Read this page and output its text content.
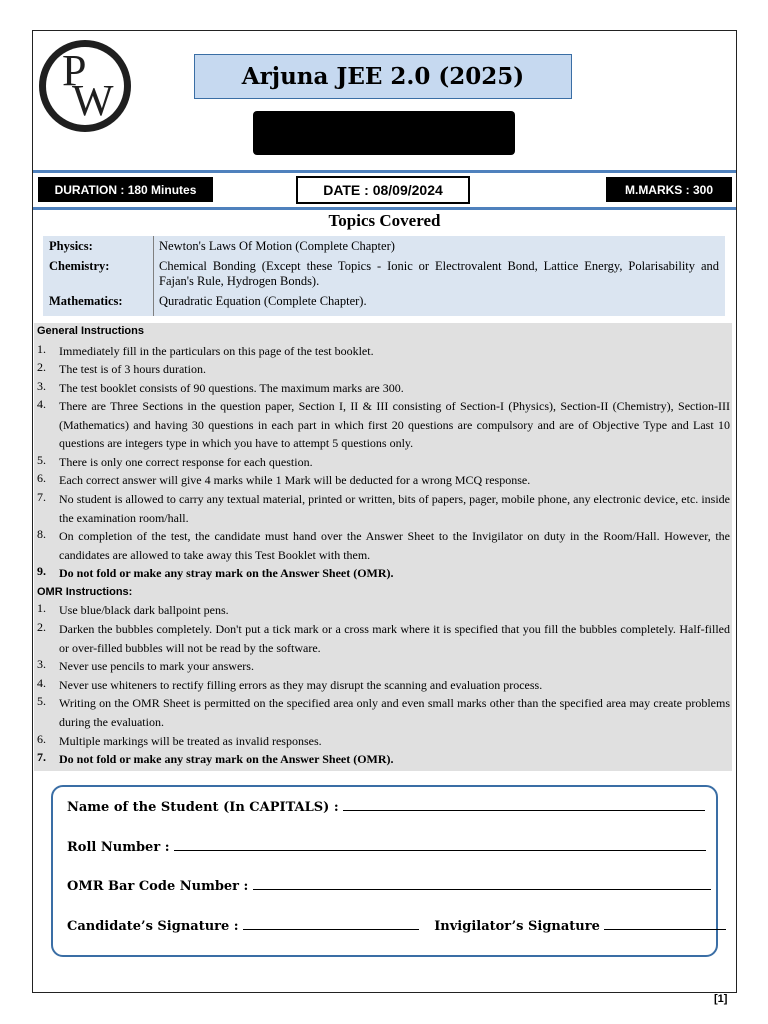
P
W	Arjuna JEE 2.0 (2025)
DURATION : 180 Minutes	DATE : 08/09/2024	M.MARKS : 300
Topics Covered
Physics:	Newton's Laws Of Motion (Complete Chapter)
Chemistry:	Chemical Bonding (Except these Topics - Ionic or Electrovalent Bond, Lattice Energy, Polarisability and Fajan's Rule, Hydrogen Bonds).
Mathematics:	Quradratic Equation (Complete Chapter).
General Instructions
1. Immediately fill in the particulars on this page of the test booklet.
2. The test is of 3 hours duration.
3. The test booklet consists of 90 questions. The maximum marks are 300.
4. There are Three Sections in the question paper, Section I, II & III consisting of Section-I (Physics), Section-II (Chemistry), Section-III (Mathematics) and having 30 questions in each part in which first 20 questions are compulsory and are of Objective Type and Last 10 questions are integers type in which you have to attempt 5 questions only.
5. There is only one correct response for each question.
6. Each correct answer will give 4 marks while 1 Mark will be deducted for a wrong MCQ response.
7. No student is allowed to carry any textual material, printed or written, bits of papers, pager, mobile phone, any electronic device, etc. inside the examination room/hall.
8. On completion of the test, the candidate must hand over the Answer Sheet to the Invigilator on duty in the Room/Hall. However, the candidates are allowed to take away this Test Booklet with them.
9. Do not fold or make any stray mark on the Answer Sheet (OMR).
OMR Instructions:
1. Use blue/black dark ballpoint pens.
2. Darken the bubbles completely. Don't put a tick mark or a cross mark where it is specified that you fill the bubbles completely. Half-filled or over-filled bubbles will not be read by the software.
3. Never use pencils to mark your answers.
4. Never use whiteners to rectify filling errors as they may disrupt the scanning and evaluation process.
5. Writing on the OMR Sheet is permitted on the specified area only and even small marks other than the specified area may create problems during the evaluation.
6. Multiple markings will be treated as invalid responses.
7. Do not fold or make any stray mark on the Answer Sheet (OMR).
Name of the Student (In CAPITALS) :
Roll Number :
OMR Bar Code Number :
Candidate’s Signature :	Invigilator’s Signature
[1]
